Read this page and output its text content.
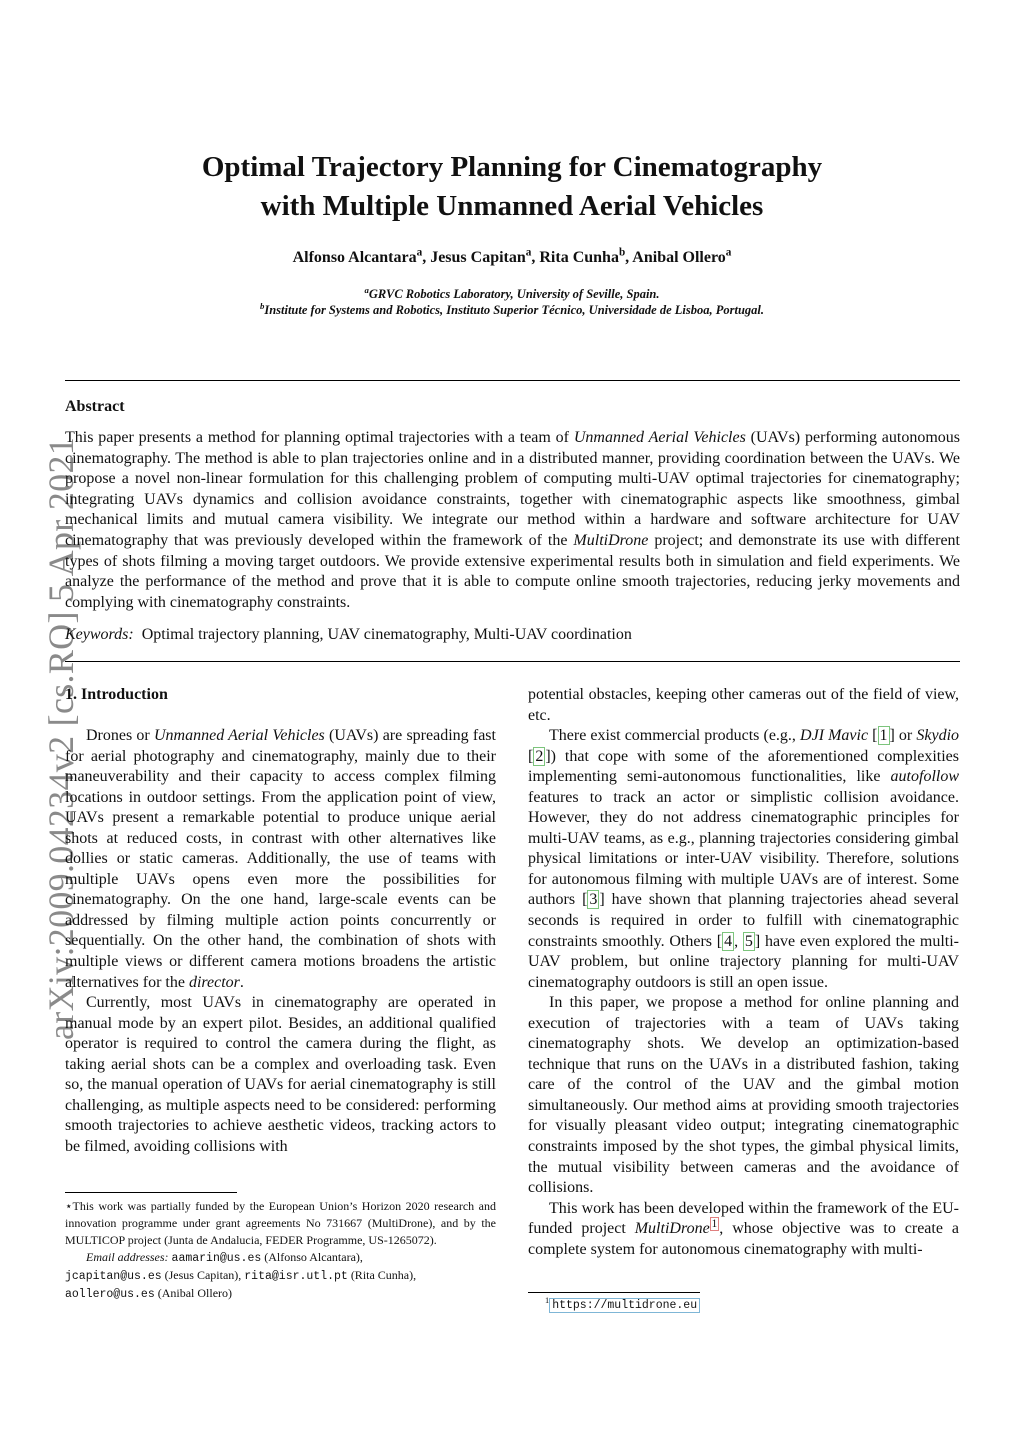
arXiv:2009.04234v2 [cs.RO] 5 Apr 2021
Optimal Trajectory Planning for Cinematography
with Multiple Unmanned Aerial Vehicles
Alfonso Alcantara$^a$, Jesus Capitan$^a$, Rita Cunha$^b$, Anibal Ollero$^a$
$^a$GRVC Robotics Laboratory, University of Seville, Spain.
$^b$Institute for Systems and Robotics, Instituto Superior Técnico, Universidade de Lisboa, Portugal.
Abstract
This paper presents a method for planning optimal trajectories with a team of Unmanned Aerial Vehicles (UAVs) performing autonomous cinematography. The method is able to plan trajectories online and in a distributed manner, providing coordination between the UAVs. We propose a novel non-linear formulation for this challenging problem of computing multi-UAV optimal trajectories for cinematography; integrating UAVs dynamics and collision avoidance constraints, together with cinematographic aspects like smoothness, gimbal mechanical limits and mutual camera visibility. We integrate our method within a hardware and software architecture for UAV cinematography that was previously developed within the framework of the MultiDrone project; and demonstrate its use with different types of shots filming a moving target outdoors. We provide extensive experimental results both in simulation and field experiments. We analyze the performance of the method and prove that it is able to compute online smooth trajectories, reducing jerky movements and complying with cinematography constraints.
Keywords: Optimal trajectory planning, UAV cinematography, Multi-UAV coordination
1. Introduction

Drones or Unmanned Aerial Vehicles (UAVs) are spreading fast for aerial photography and cinematography, mainly due to their maneuverability and their capacity to access complex filming locations in outdoor settings. From the application point of view, UAVs present a remarkable potential to produce unique aerial shots at reduced costs, in contrast with other alternatives like dollies or static cameras. Additionally, the use of teams with multiple UAVs opens even more the possibilities for cinematography. On the one hand, large-scale events can be addressed by filming multiple action points concurrently or sequentially. On the other hand, the combination of shots with multiple views or different camera motions broadens the artistic alternatives for the director.

Currently, most UAVs in cinematography are operated in manual mode by an expert pilot. Besides, an additional qualified operator is required to control the camera during the flight, as taking aerial shots can be a complex and overloading task. Even so, the manual operation of UAVs for aerial cinematography is still challenging, as multiple aspects need to be considered: performing smooth trajectories to achieve aesthetic videos, tracking actors to be filmed, avoiding collisions with

potential obstacles, keeping other cameras out of the field of view, etc.

There exist commercial products (e.g., DJI Mavic [ 1 ] or Skydio [ 2 ]) that cope with some of the aforementioned complexities implementing semi-autonomous functionalities, like autofollow features to track an actor or simplistic collision avoidance. However, they do not address cinematographic principles for multi-UAV teams, as e.g., planning trajectories considering gimbal physical limitations or inter-UAV visibility. Therefore, solutions for autonomous filming with multiple UAVs are of interest. Some authors [ 3 ] have shown that planning trajectories ahead several seconds is required in order to fulfill with cinematographic constraints smoothly. Others [ 4 , 5 ] have even explored the multi-UAV problem, but online trajectory planning for multi-UAV cinematography outdoors is still an open issue.

In this paper, we propose a method for online planning and execution of trajectories with a team of UAVs taking cinematography shots. We develop an optimization-based technique that runs on the UAVs in a distributed fashion, taking care of the control of the UAV and the gimbal motion simultaneously. Our method aims at providing smooth trajectories for visually pleasant video output; integrating cinematographic constraints imposed by the shot types, the gimbal physical limits, the mutual visibility between cameras and the avoidance of collisions.

This work has been developed within the framework of the EU-funded project MultiDrone $^1$ , whose objective was to create a complete system for autonomous cinematography with multi-

⋆This work was partially funded by the European Union’s Horizon 2020 research and innovation programme under grant agreements No 731667 (MultiDrone), and by the MULTICOP project (Junta de Andalucia, FEDER Programme, US-1265072).

Email addresses: aamarin@us.es (Alfonso Alcantara),

jcapitan@us.es (Jesus Capitan), rita@isr.utl.pt (Rita Cunha),

aollero@us.es (Anibal Ollero)

$^1$ https://multidrone.eu
